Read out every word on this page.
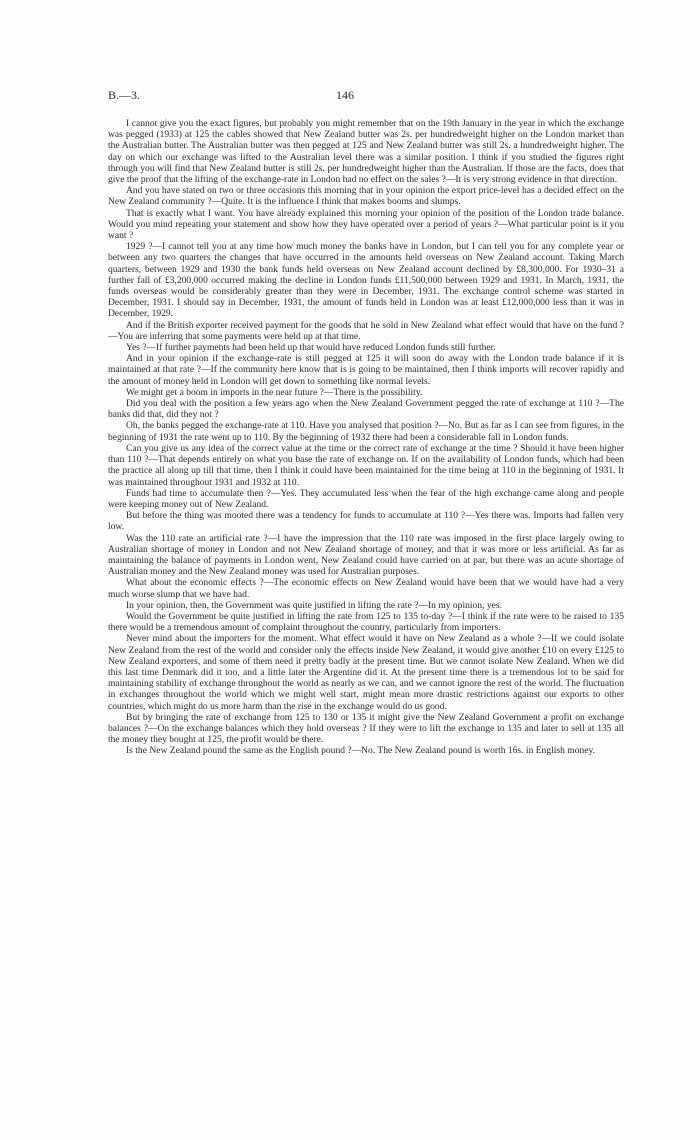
B.—3.	146

I cannot give you the exact figures, but probably you might remember that on the 19th January in the year in which the exchange was pegged (1933) at 125 the cables showed that New Zealand butter was 2s. per hundredweight higher on the London market than the Australian butter. The Australian butter was then pegged at 125 and New Zealand butter was still 2s. a hundredweight higher. The day on which our exchange was lifted to the Australian level there was a similar position. I think if you studied the figures right through you will find that New Zealand butter is still 2s. per hundredweight higher than the Australian. If those are the facts, does that give the proof that the lifting of the exchange-rate in London had no effect on the sales ?—It is very strong evidence in that direction.

And you have stated on two or three occasions this morning that in your opinion the export price-level has a decided effect on the New Zealand community ?—Quite. It is the influence I think that makes booms and slumps.

That is exactly what I want. You have already explained this morning your opinion of the position of the London trade balance. Would you mind repeating your statement and show how they have operated over a period of years ?—What particular point is it you want ?

1929 ?—I cannot tell you at any time how much money the banks have in London, but I can tell you for any complete year or between any two quarters the changes that have occurred in the amounts held overseas on New Zealand account. Taking March quarters, between 1929 and 1930 the bank funds held overseas on New Zealand account declined by £8,300,000. For 1930–31 a further fall of £3,200,000 occurred making the decline in London funds £11,500,000 between 1929 and 1931. In March, 1931, the funds overseas would be considerably greater than they were in December, 1931. The exchange control scheme was started in December, 1931. I should say in December, 1931, the amount of funds held in London was at least £12,000,000 less than it was in December, 1929.

And if the British exporter received payment for the goods that he sold in New Zealand what effect would that have on the fund ?—You are inferring that some payments were held up at that time.

Yes ?—If further payments had been held up that would have reduced London funds still further.

And in your opinion if the exchange-rate is still pegged at 125 it will soon do away with the London trade balance if it is maintained at that rate ?—If the community here know that is is going to be maintained, then I think imports will recover rapidly and the amount of money held in London will get down to something like normal levels.

We might get a boom in imports in the near future ?—There is the possibility.

Did you deal with the position a few years ago when the New Zealand Government pegged the rate of exchange at 110 ?—The banks did that, did they not ?

Oh, the banks pegged the exchange-rate at 110. Have you analysed that position ?—No. But as far as I can see from figures, in the beginning of 1931 the rate went up to 110. By the beginning of 1932 there had been a considerable fall in London funds.

Can you give us any idea of the correct value at the time or the correct rate of exchange at the time ? Should it have been higher than 110 ?—That depends entirely on what you base the rate of exchange on. If on the availability of London funds, which had been the practice all along up till that time, then I think it could have been maintained for the time being at 110 in the beginning of 1931. It was maintained throughout 1931 and 1932 at 110.

Funds had time to accumulate then ?—Yes. They accumulated less when the fear of the high exchange came along and people were keeping money out of New Zealand.

But before the thing was mooted there was a tendency for funds to accumulate at 110 ?—Yes there was. Imports had fallen very low.

Was the 110 rate an artificial rate ?—I have the impression that the 110 rate was imposed in the first place largely owing to Australian shortage of money in London and not New Zealand shortage of money, and that it was more or less artificial. As far as maintaining the balance of payments in London went, New Zealand could have carried on at par, but there was an acute shortage of Australian money and the New Zealand money was used for Australian purposes.

What about the economic effects ?—The economic effects on New Zealand would have been that we would have had a very much worse slump that we have had.

In your opinion, then, the Government was quite justified in lifting the rate ?—In my opinion, yes.

Would the Government be quite justified in lifting the rate from 125 to 135 to-day ?—I think if the rate were to be raised to 135 there would be a tremendous amount of complaint throughout the country, particularly from importers.

Never mind about the importers for the moment. What effect would it have on New Zealand as a whole ?—If we could isolate New Zealand from the rest of the world and consider only the effects inside New Zealand, it would give another £10 on every £125 to New Zealand exporters, and some of them need it pretty badly at the present time. But we cannot isolate New Zealand. When we did this last time Denmark did it too, and a little later the Argentine did it. At the present time there is a tremendous lot to be said for maintaining stability of exchange throughout the world as nearly as we can, and we cannot ignore the rest of the world. The fluctuation in exchanges throughout the world which we might well start, might mean more drastic restrictions against our exports to other countries, which might do us more harm than the rise in the exchange would do us good.

But by bringing the rate of exchange from 125 to 130 or 135 it might give the New Zealand Government a profit on exchange balances ?—On the exchange balances which they hold overseas ? If they were to lift the exchange to 135 and later to sell at 135 all the money they bought at 125, the profit would be there.

Is the New Zealand pound the same as the English pound ?—No. The New Zealand pound is worth 16s. in English money.
